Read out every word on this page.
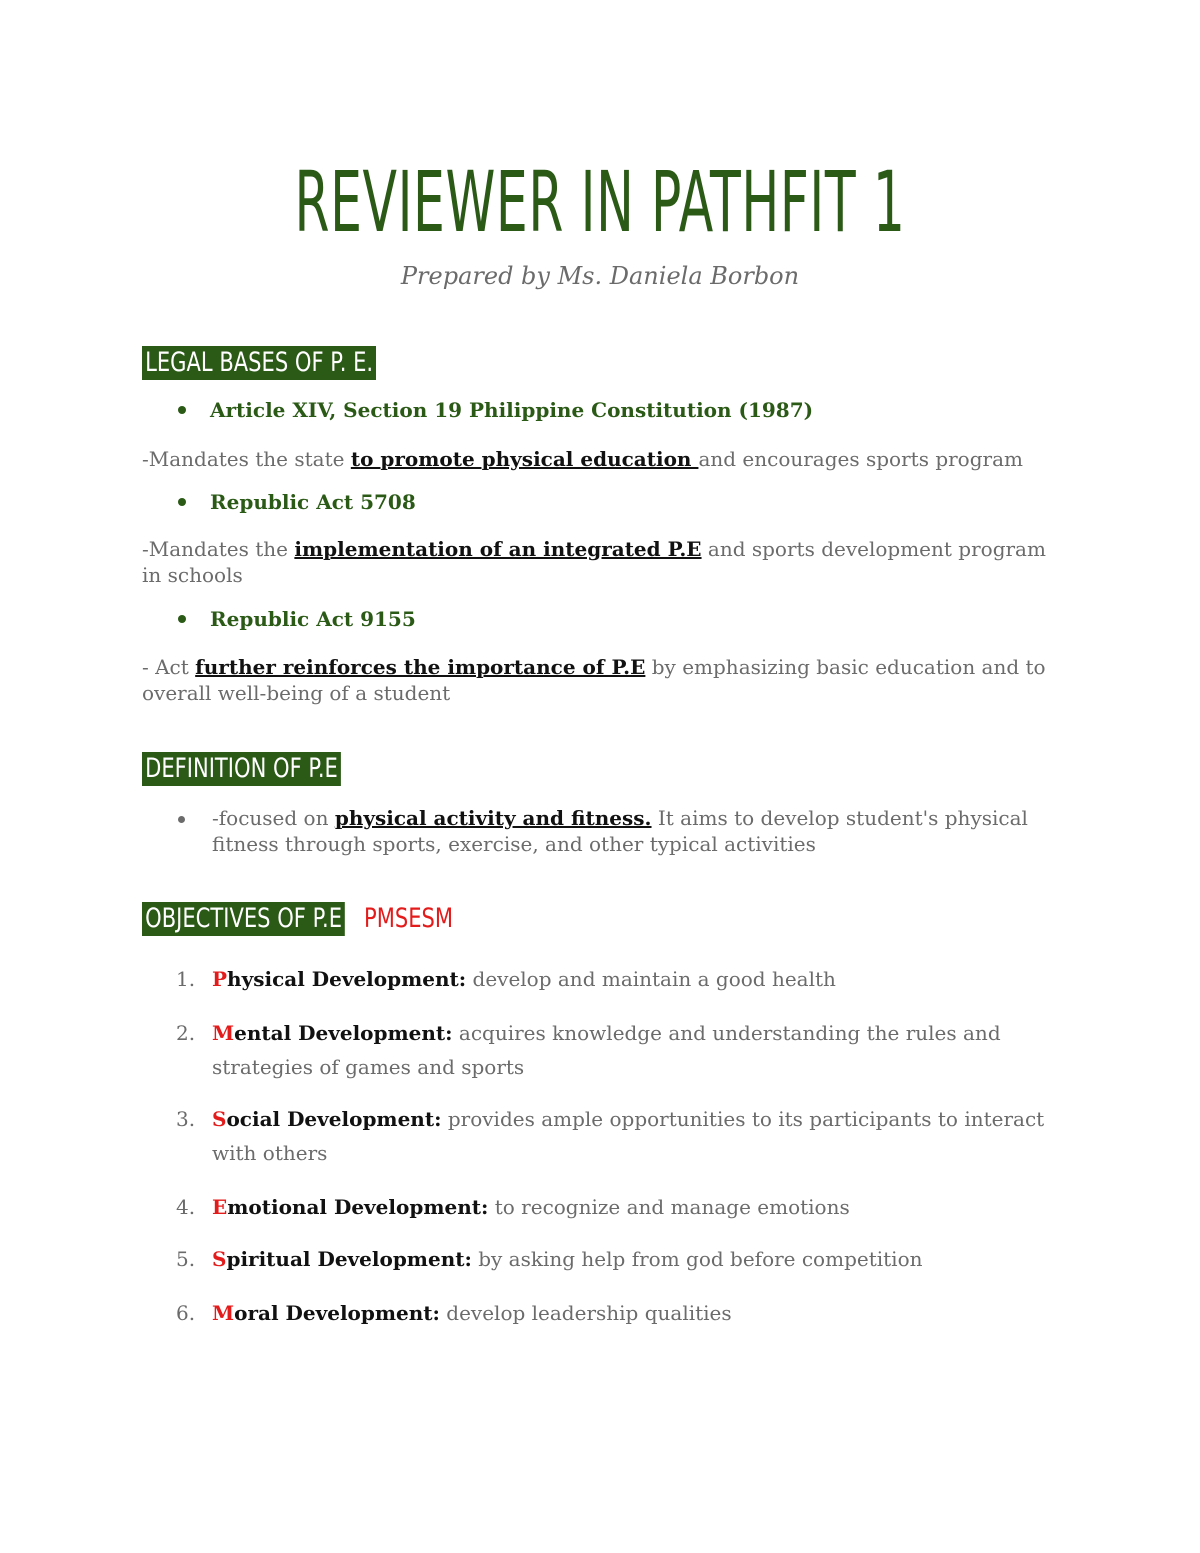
REVIEWER IN PATHFIT 1
Prepared by Ms. Daniela Borbon
LEGAL BASES OF P. E.
Article XIV, Section 19 Philippine Constitution (1987)
-Mandates the state to promote physical education and encourages sports program
Republic Act 5708
-Mandates the implementation of an integrated P.E and sports development program in schools
Republic Act 9155
- Act further reinforces the importance of P.E by emphasizing basic education and to overall well-being of a student
DEFINITION OF P.E
-focused on physical activity and fitness. It aims to develop student's physical fitness through sports, exercise, and other typical activities
OBJECTIVES OF P.E PMSESM
1. Physical Development: develop and maintain a good health
2. Mental Development: acquires knowledge and understanding the rules and strategies of games and sports
3. Social Development: provides ample opportunities to its participants to interact with others
4. Emotional Development: to recognize and manage emotions
5. Spiritual Development: by asking help from god before competition
6. Moral Development: develop leadership qualities
